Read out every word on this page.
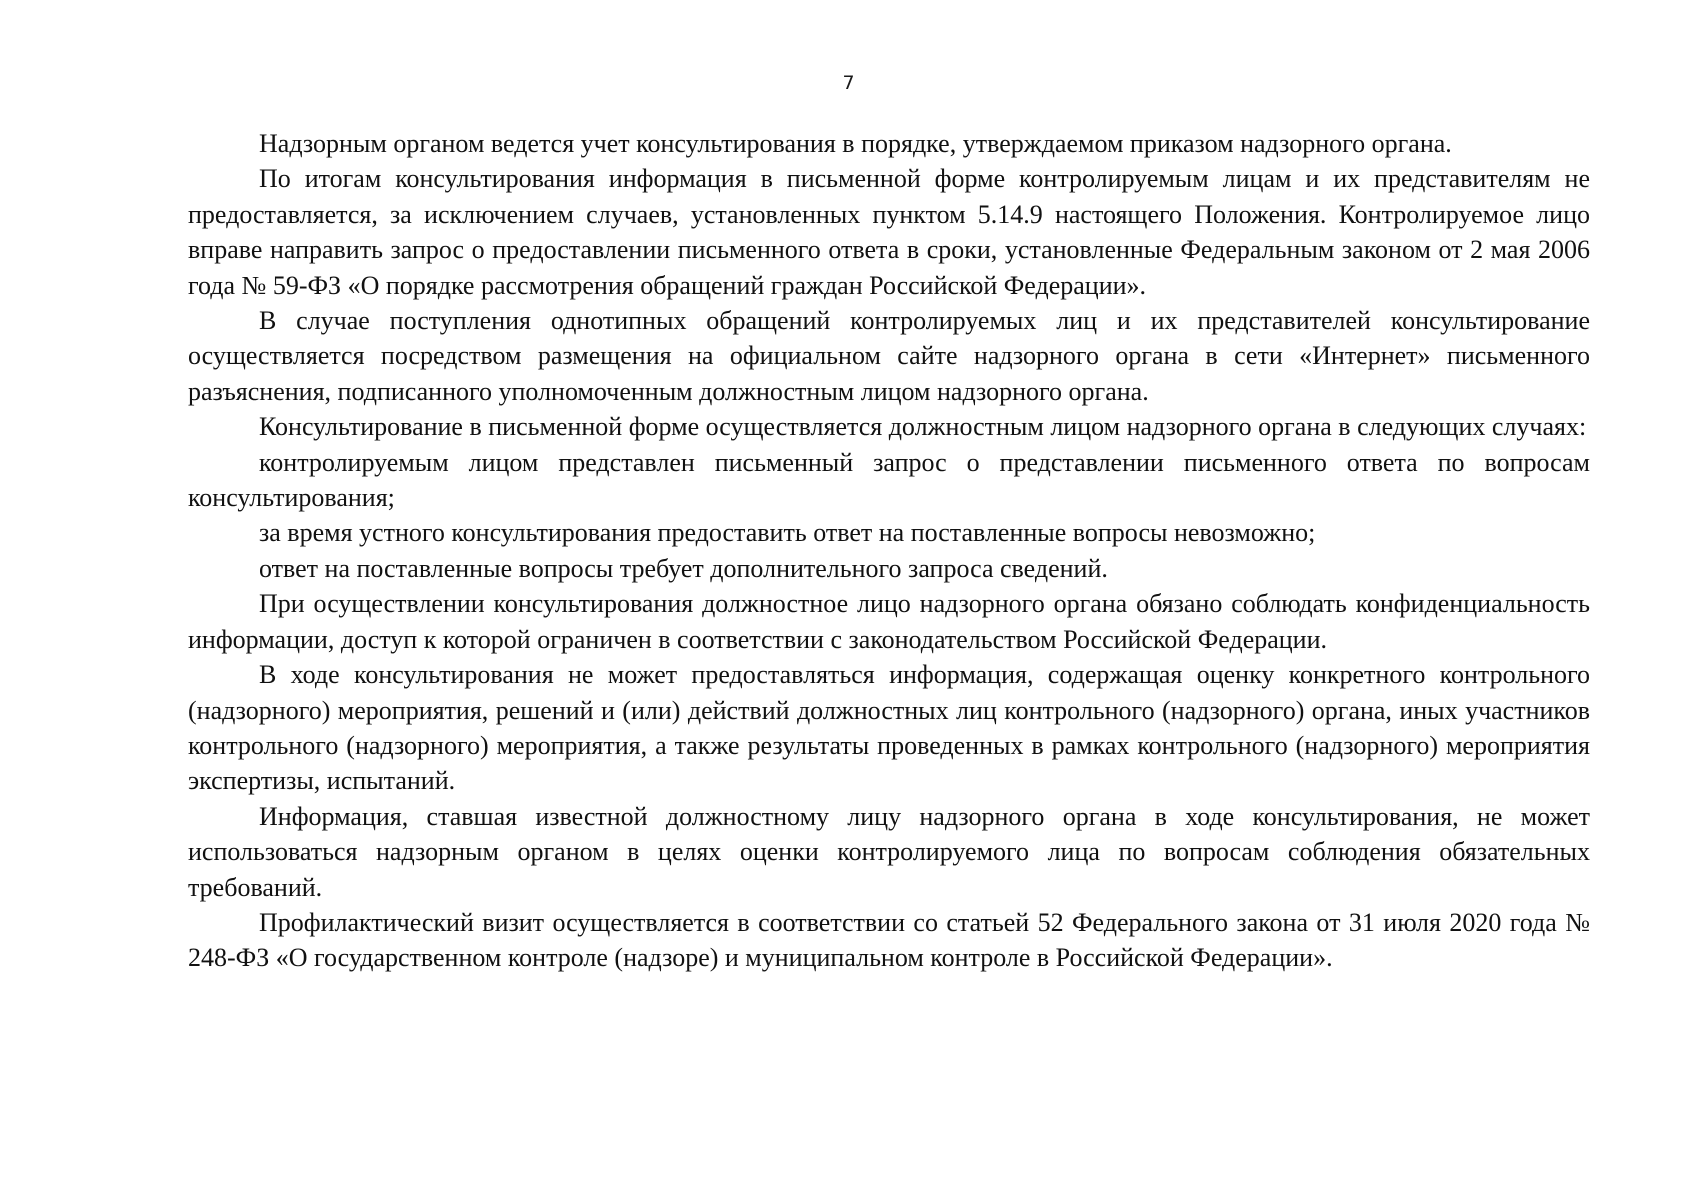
7

Надзорным органом ведется учет консультирования в порядке, утверждаемом приказом надзорного органа.

По итогам консультирования информация в письменной форме контролируемым лицам и их представителям не предоставляется, за исключением случаев, установленных пунктом 5.14.9 настоящего Положения. Контролируемое лицо вправе направить запрос о предоставлении письменного ответа в сроки, установленные Федеральным законом от 2 мая 2006 года № 59-ФЗ «О порядке рассмотрения обращений граждан Российской Федерации».

В случае поступления однотипных обращений контролируемых лиц и их представителей консультирование осуществляется посредством размещения на официальном сайте надзорного органа в сети «Интернет» письменного разъяснения, подписанного уполномоченным должностным лицом надзорного органа.

Консультирование в письменной форме осуществляется должностным лицом надзорного органа в следующих случаях:

контролируемым лицом представлен письменный запрос о представлении письменного ответа по вопросам консультирования;

за время устного консультирования предоставить ответ на поставленные вопросы невозможно;

ответ на поставленные вопросы требует дополнительного запроса сведений.

При осуществлении консультирования должностное лицо надзорного органа обязано соблюдать конфиденциальность информации, доступ к которой ограничен в соответствии с законодательством Российской Федерации.

В ходе консультирования не может предоставляться информация, содержащая оценку конкретного контрольного (надзорного) мероприятия, решений и (или) действий должностных лиц контрольного (надзорного) органа, иных участников контрольного (надзорного) мероприятия, а также результаты проведенных в рамках контрольного (надзорного) мероприятия экспертизы, испытаний.

Информация, ставшая известной должностному лицу надзорного органа в ходе консультирования, не может использоваться надзорным органом в целях оценки контролируемого лица по вопросам соблюдения обязательных требований.

Профилактический визит осуществляется в соответствии со статьей 52 Федерального закона от 31 июля 2020 года № 248-ФЗ «О государственном контроле (надзоре) и муниципальном контроле в Российской Федерации».
